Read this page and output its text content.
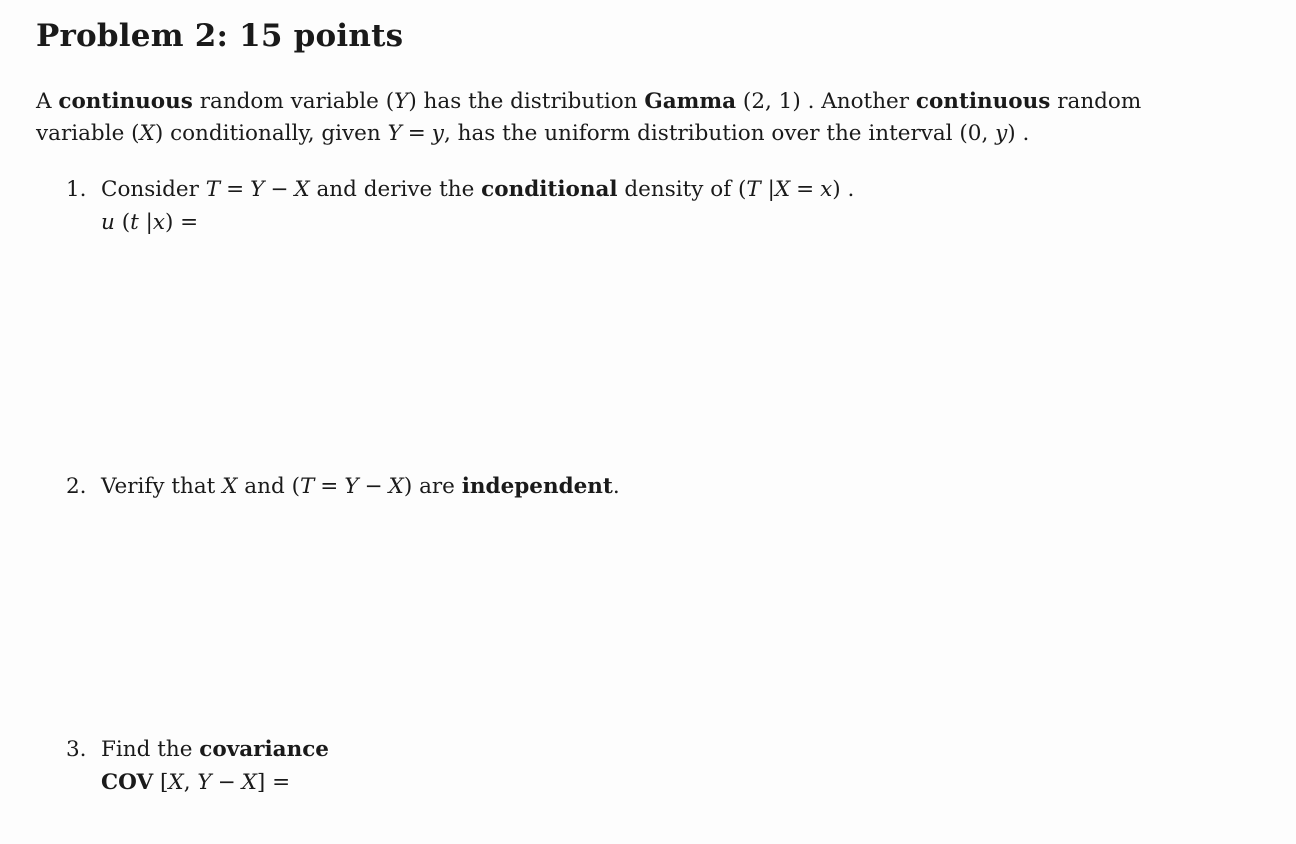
Problem 2: 15 points
A continuous random variable (Y) has the distribution Gamma (2, 1) . Another continuous random
variable (X) conditionally, given Y = y, has the uniform distribution over the interval (0, y) .
1. Consider T = Y − X and derive the conditional density of (T |X = x) .
u (t |x) =
2. Verify that X and (T = Y − X) are independent.
3. Find the covariance
COV [X, Y − X] =
